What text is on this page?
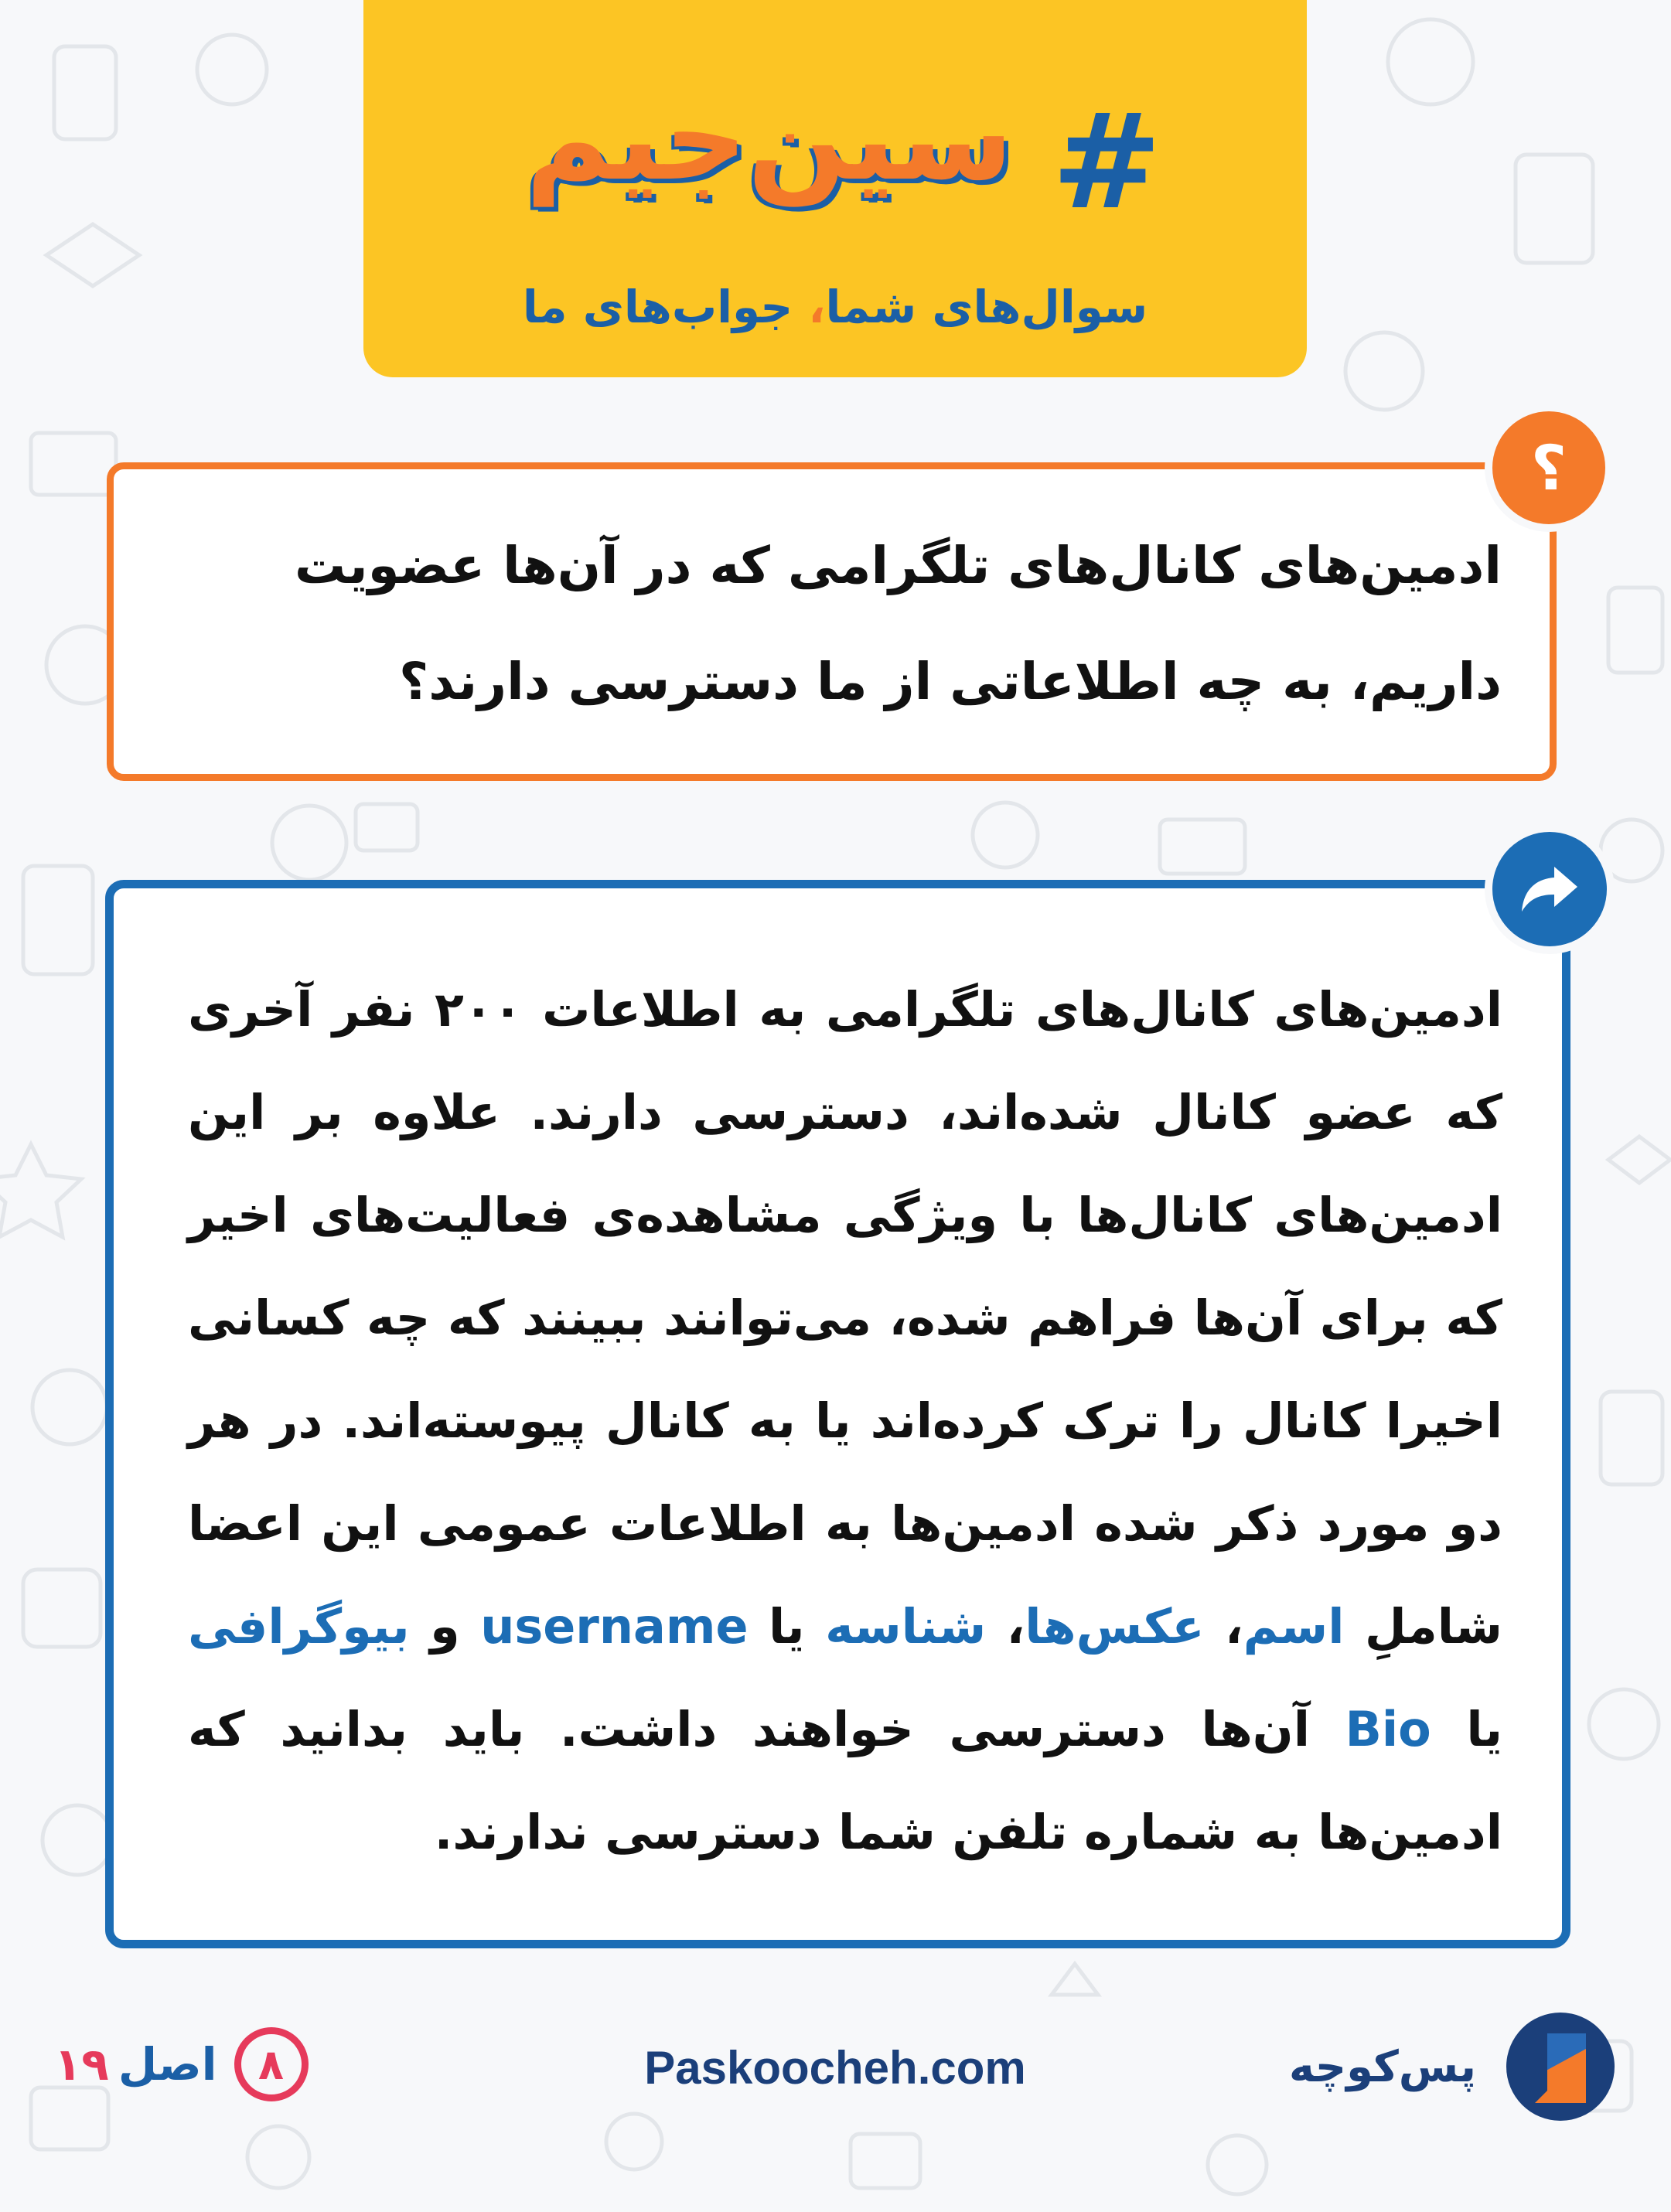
سین‌جیم #
سوال‌های شما، جواب‌های ما
؟
ادمین‌های کانال‌های تلگرامی که در آن‌ها عضویت
داریم، به چه اطلاعاتی از ما دسترسی دارند؟
ادمین‌های کانال‌های تلگرامی به اطلاعات ۲۰۰ نفر آخری که عضو کانال شده‌اند، دسترسی دارند. علاوه بر این ادمین‌های کانال‌ها با ویژگی مشاهده‌ی فعالیت‌های اخیر که برای آن‌ها فراهم شده، می‌توانند ببینند که چه کسانی اخیرا کانال را ترک کرده‌اند یا به کانال پیوسته‌اند. در هر دو مورد ذکر شده ادمین‌ها به اطلاعات عمومی این اعضا شاملِ اسم، عکس‌ها، شناسه یا username و بیوگرافی یا Bio آن‌ها دسترسی خواهند داشت. باید بدانید که ادمین‌ها به شماره تلفن شما دسترسی ندارند.
۱۹ اصل ۸	Paskoocheh.com	پس‌کوچه
